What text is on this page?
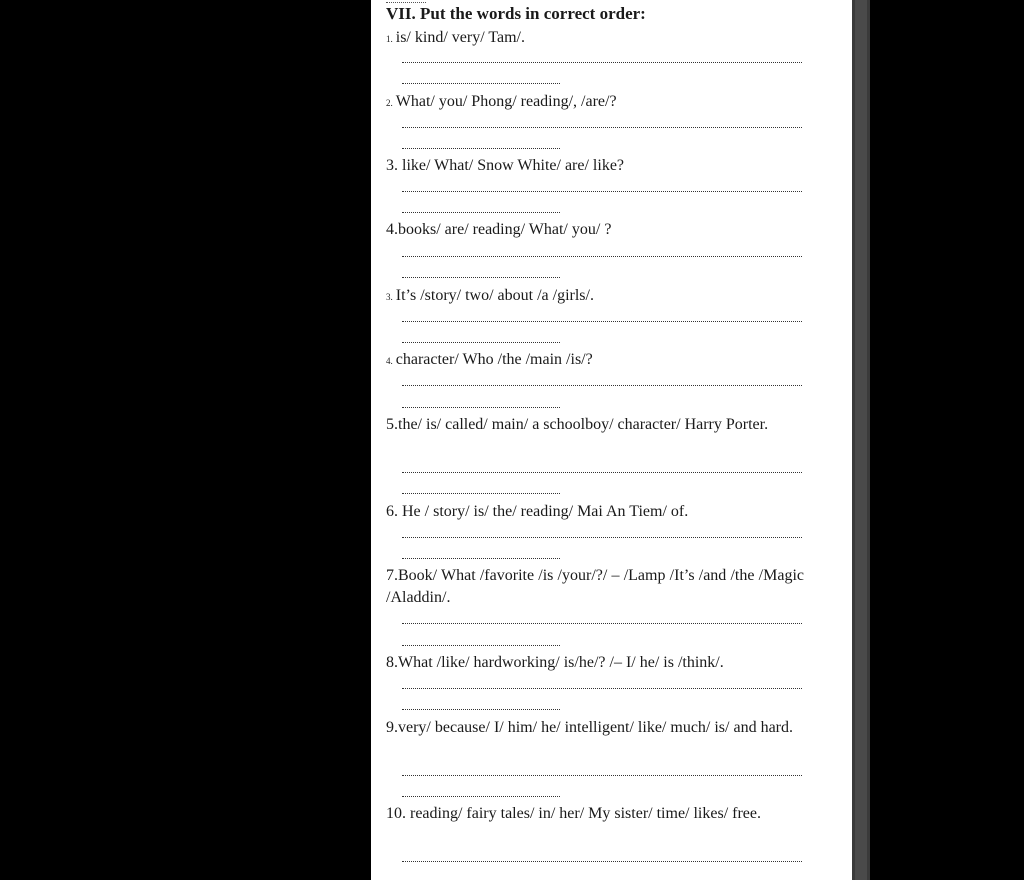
VII. Put the words in correct order:
1. is/ kind/ very/ Tam/.
2. What/ you/ Phong/ reading/, /are/?
3. like/ What/ Snow White/ are/ like?
4.books/ are/ reading/ What/ you/ ?
3. It’s /story/ two/ about /a /girls/.
4. character/ Who /the /main /is/?
5.the/ is/ called/ main/ a schoolboy/ character/ Harry Porter.
6. He / story/ is/ the/ reading/ Mai An Tiem/ of.
7.Book/ What /favorite /is /your/?/ – /Lamp /It’s /and /the /Magic /Aladdin/.
8.What /like/ hardworking/ is/he/? /– I/ he/ is /think/.
9.very/ because/ I/ him/ he/ intelligent/ like/ much/ is/ and hard.
10. reading/ fairy tales/ in/ her/ My sister/ time/ likes/ free.
